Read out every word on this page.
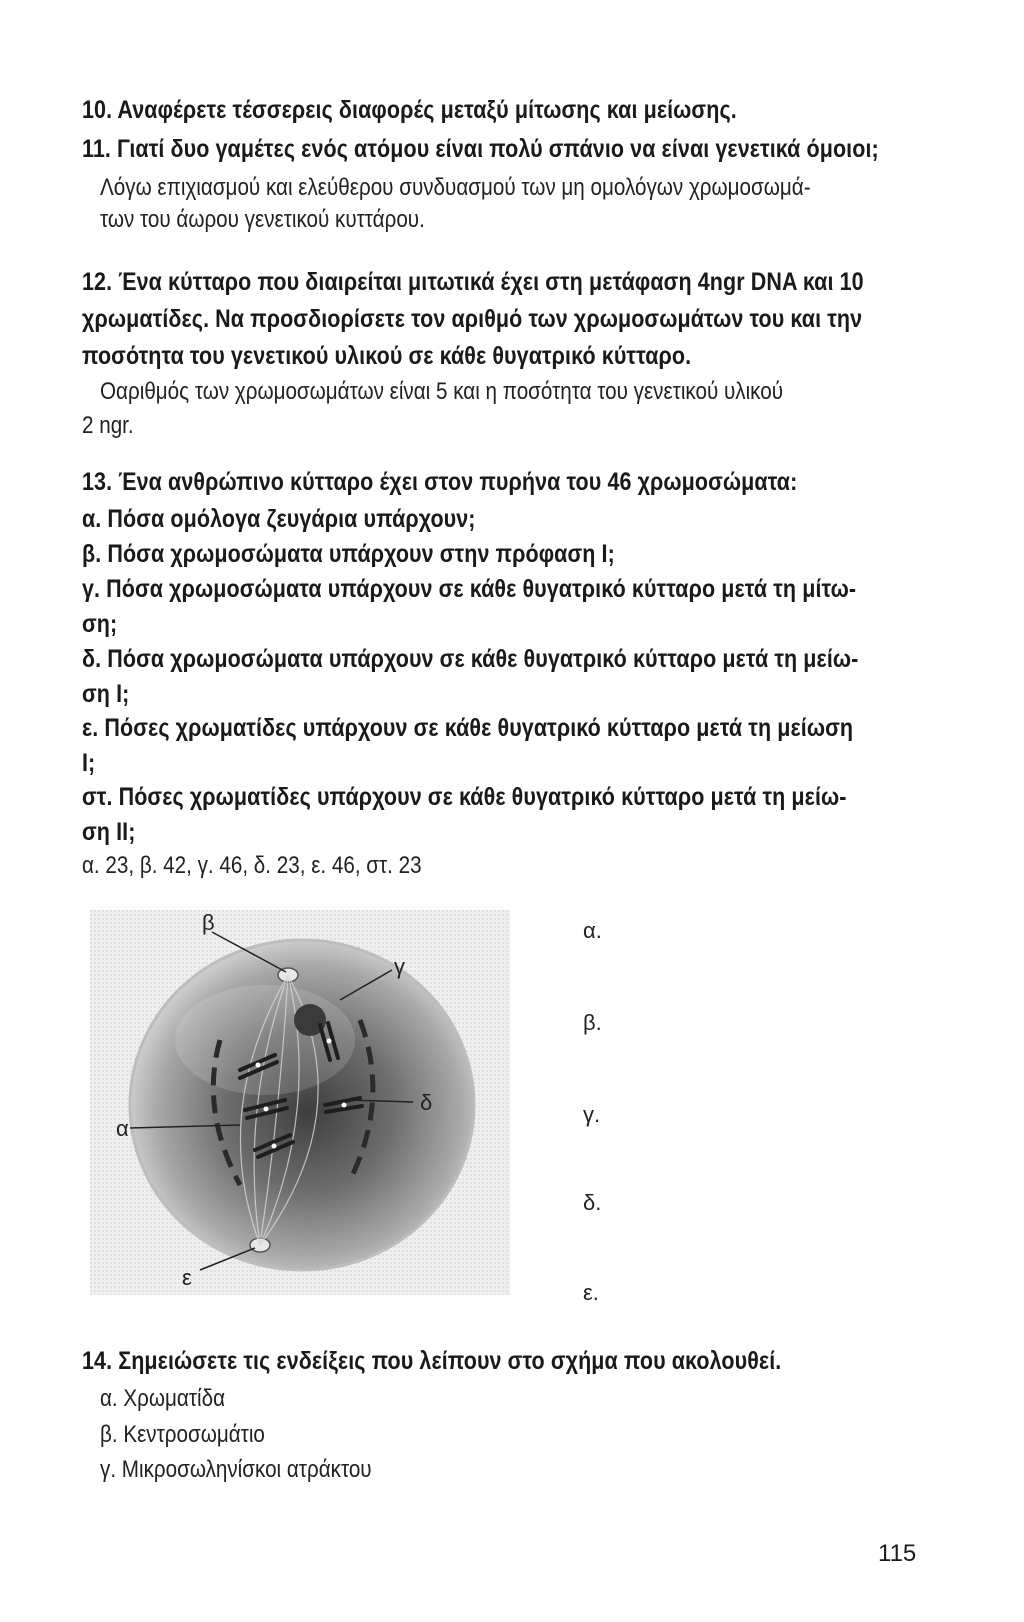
10. Αναφέρετε τέσσερεις διαφορές μεταξύ μίτωσης και μείωσης.
11. Γιατί δυο γαμέτες ενός ατόμου είναι πολύ σπάνιο να είναι γενετικά όμοιοι;
Λόγω επιχιασμού και ελεύθερου συνδυασμού των μη ομολόγων χρωμοσωμά-
των του άωρου γενετικού κυττάρου.
12. Ένα κύτταρο που διαιρείται μιτωτικά έχει στη μετάφαση 4ngr DNA και 10
χρωματίδες. Να προσδιορίσετε τον αριθμό των χρωμοσωμάτων του και την
ποσότητα του γενετικού υλικού σε κάθε θυγατρικό κύτταρο.
Οαριθμός των χρωμοσωμάτων είναι 5 και η ποσότητα του γενετικού υλικού
2 ngr.
13. Ένα ανθρώπινο κύτταρο έχει στον πυρήνα του 46 χρωμοσώματα:
α. Πόσα ομόλογα ζευγάρια υπάρχουν;
β. Πόσα χρωμοσώματα υπάρχουν στην πρόφαση Ι;
γ. Πόσα χρωμοσώματα υπάρχουν σε κάθε θυγατρικό κύτταρο μετά τη μίτω-
ση;
δ. Πόσα χρωμοσώματα υπάρχουν σε κάθε θυγατρικό κύτταρο μετά τη μείω-
ση Ι;
ε. Πόσες χρωματίδες υπάρχουν σε κάθε θυγατρικό κύτταρο μετά τη μείωση
Ι;
στ. Πόσες χρωματίδες υπάρχουν σε κάθε θυγατρικό κύτταρο μετά τη μείω-
ση ΙΙ;
α. 23, β. 42, γ. 46, δ. 23, ε. 46, στ. 23
β
γ
α
δ
ε
α.
β.
γ.
δ.
ε.
14. Σημειώσετε τις ενδείξεις που λείπουν στο σχήμα που ακολουθεί.
α. Χρωματίδα
β. Κεντροσωμάτιο
γ. Μικροσωληνίσκοι ατράκτου
115
